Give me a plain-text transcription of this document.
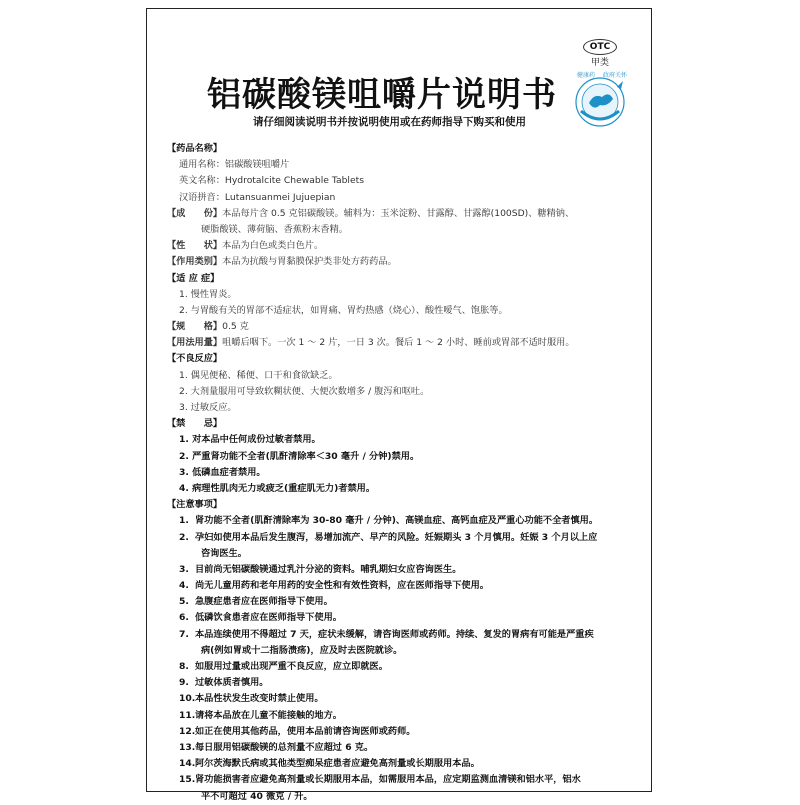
OTC
甲类
健康药 政府关怀
铝碳酸镁咀嚼片说明书
请仔细阅读说明书并按说明使用或在药师指导下购买和使用
【药品名称】
通用名称：铝碳酸镁咀嚼片
英文名称：Hydrotalcite Chewable Tablets
汉语拼音：Lutansuanmei Jujuepian
【成　　份】本品每片含 0.5 克铝碳酸镁。辅料为：玉米淀粉、甘露醇、甘露醇(100SD)、糖精钠、
硬脂酸镁、薄荷脑、香蕉粉末香精。
【性　　状】本品为白色或类白色片。
【作用类别】本品为抗酸与胃黏膜保护类非处方药药品。
【适 应 症】
1. 慢性胃炎。
2. 与胃酸有关的胃部不适症状，如胃痛、胃灼热感（烧心）、酸性嗳气、饱胀等。
【规　　格】0.5 克
【用法用量】咀嚼后咽下。一次 1 ～ 2 片，一日 3 次。餐后 1 ～ 2 小时、睡前或胃部不适时服用。
【不良反应】
1. 偶见便秘、稀便、口干和食欲缺乏。
2. 大剂量服用可导致软糊状便、大便次数增多 / 腹泻和呕吐。
3. 过敏反应。
【禁　　忌】
1. 对本品中任何成份过敏者禁用。
2. 严重肾功能不全者(肌酐清除率＜30 毫升 / 分钟)禁用。
3. 低磷血症者禁用。
4. 病理性肌肉无力或疲乏(重症肌无力)者禁用。
【注意事项】
1. 肾功能不全者(肌酐清除率为 30-80 毫升 / 分钟)、高镁血症、高钙血症及严重心功能不全者慎用。
2. 孕妇如使用本品后发生腹泻，易增加流产、早产的风险。妊娠期头 3 个月慎用。妊娠 3 个月以上应
咨询医生。
3. 目前尚无铝碳酸镁通过乳汁分泌的资料。哺乳期妇女应咨询医生。
4. 尚无儿童用药和老年用药的安全性和有效性资料，应在医师指导下使用。
5. 急腹症患者应在医师指导下使用。
6. 低磷饮食患者应在医师指导下使用。
7. 本品连续使用不得超过 7 天，症状未缓解，请咨询医师或药师。持续、复发的胃病有可能是严重疾
病(例如胃或十二指肠溃疡)，应及时去医院就诊。
8. 如服用过量或出现严重不良反应，应立即就医。
9. 过敏体质者慎用。
10.本品性状发生改变时禁止使用。
11.请将本品放在儿童不能接触的地方。
12.如正在使用其他药品，使用本品前请咨询医师或药师。
13.每日服用铝碳酸镁的总剂量不应超过 6 克。
14.阿尔茨海默氏病或其他类型痴呆症患者应避免高剂量或长期服用本品。
15.肾功能损害者应避免高剂量或长期服用本品，如需服用本品，应定期监测血清镁和铝水平，铝水
平不可超过 40 微克 / 升。
